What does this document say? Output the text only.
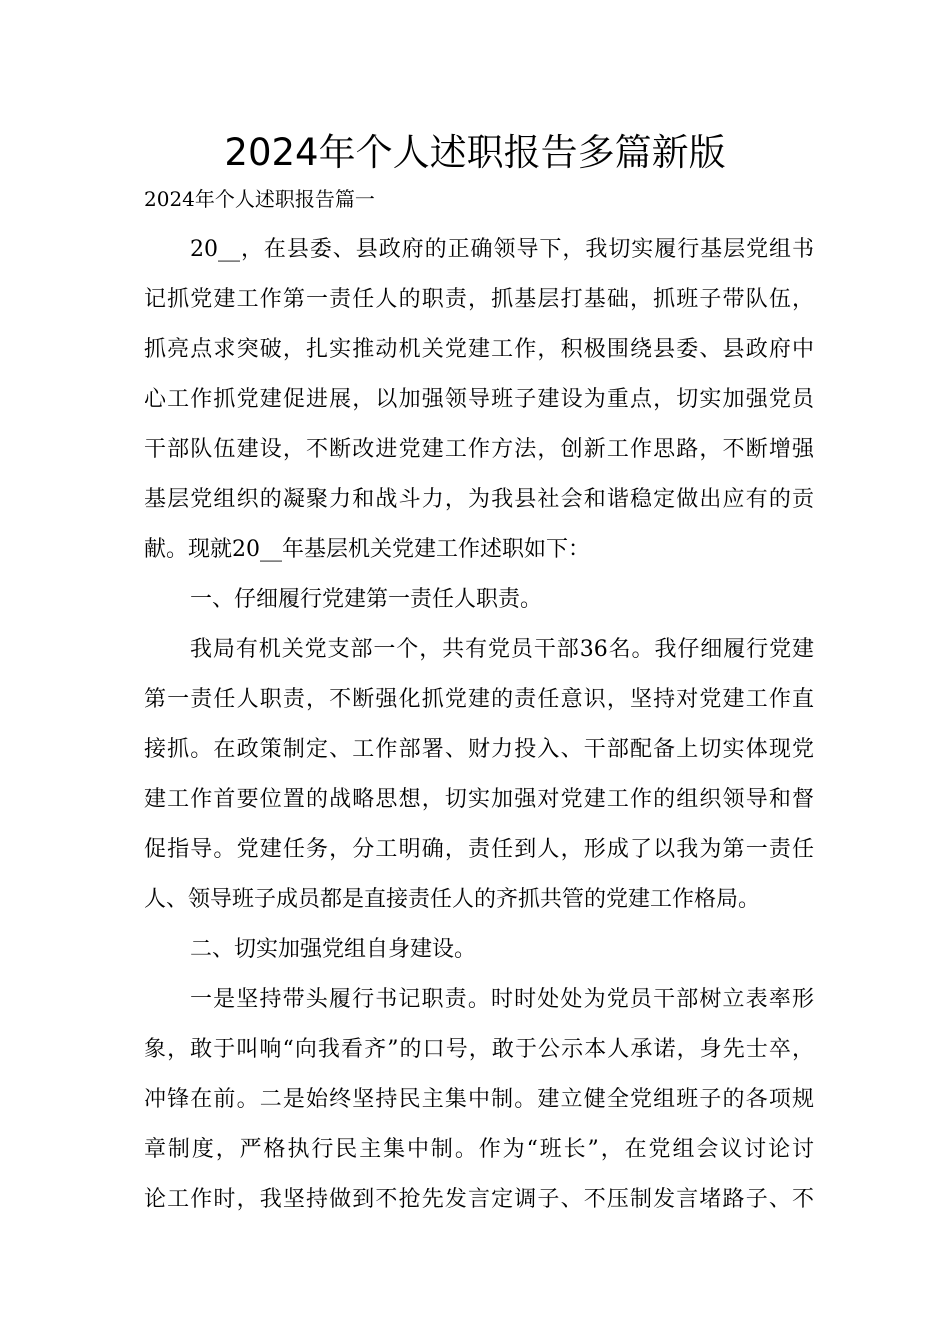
2024年个人述职报告多篇新版
2024年个人述职报告篇一
20__，在县委、县政府的正确领导下，我切实履行基层党组书
记抓党建工作第一责任人的职责，抓基层打基础，抓班子带队伍，
抓亮点求突破，扎实推动机关党建工作，积极围绕县委、县政府中
心工作抓党建促进展，以加强领导班子建设为重点，切实加强党员
干部队伍建设，不断改进党建工作方法，创新工作思路，不断增强
基层党组织的凝聚力和战斗力，为我县社会和谐稳定做出应有的贡
献。现就20__年基层机关党建工作述职如下：
一、仔细履行党建第一责任人职责。
我局有机关党支部一个，共有党员干部36名。我仔细履行党建
第一责任人职责，不断强化抓党建的责任意识，坚持对党建工作直
接抓。在政策制定、工作部署、财力投入、干部配备上切实体现党
建工作首要位置的战略思想，切实加强对党建工作的组织领导和督
促指导。党建任务，分工明确，责任到人，形成了以我为第一责任
人、领导班子成员都是直接责任人的齐抓共管的党建工作格局。
二、切实加强党组自身建设。
一是坚持带头履行书记职责。时时处处为党员干部树立表率形
象，敢于叫响“向我看齐”的口号，敢于公示本人承诺，身先士卒，
冲锋在前。二是始终坚持民主集中制。建立健全党组班子的各项规
章制度，严格执行民主集中制。作为“班长”，在党组会议讨论讨
论工作时，我坚持做到不抢先发言定调子、不压制发言堵路子、不
